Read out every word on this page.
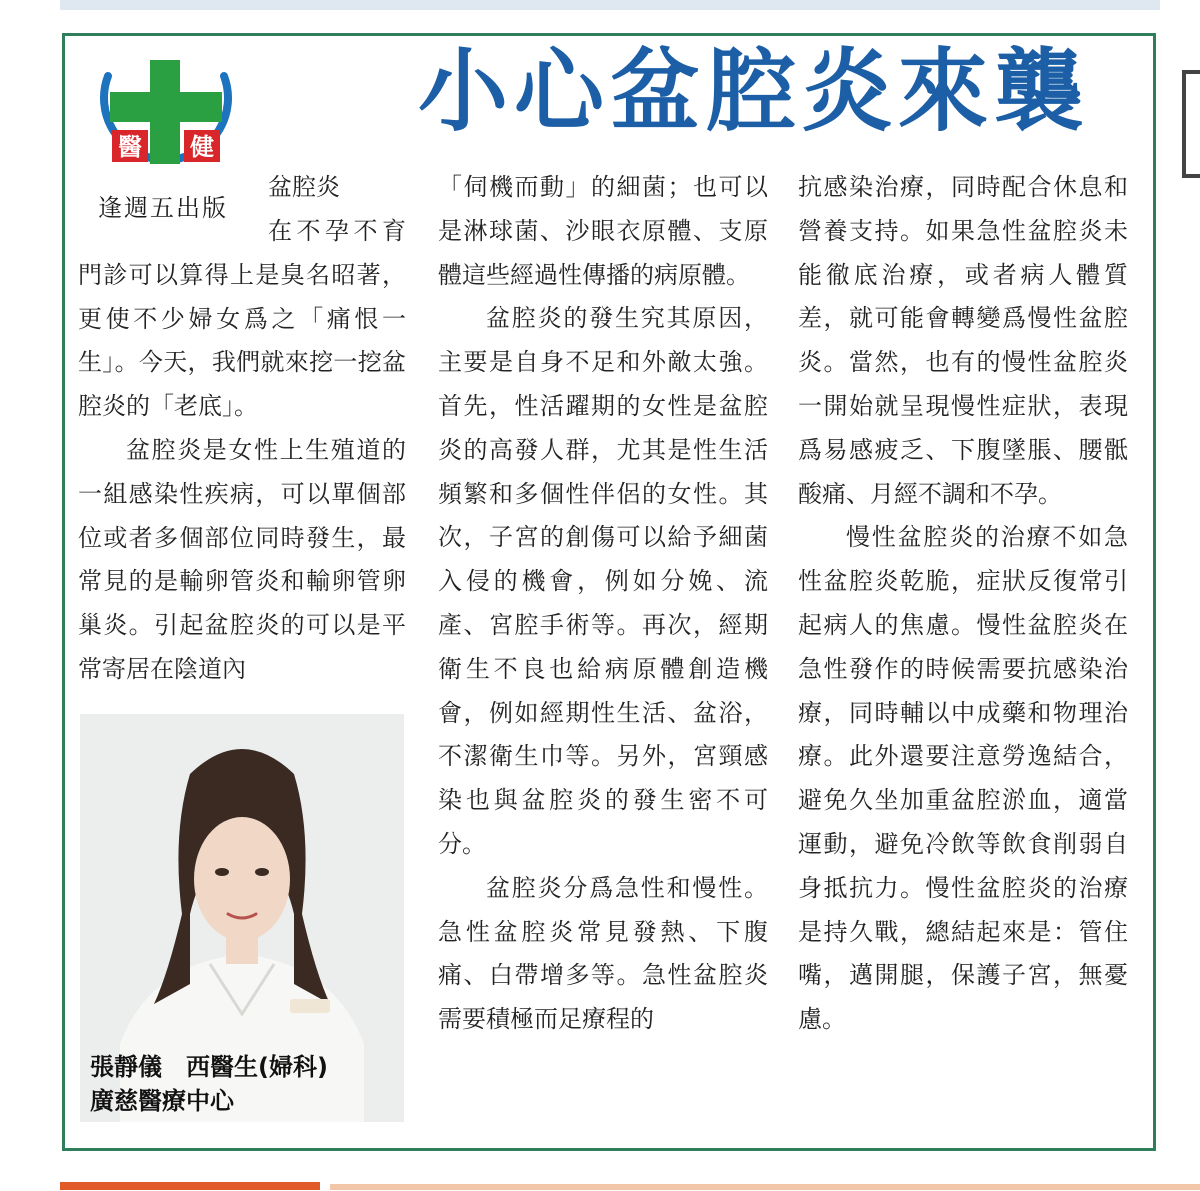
醫 健
逢週五出版
小心盆腔炎來襲

盆腔炎

在不孕不育門診可以算得上是臭名昭著，更使不少婦女爲之「痛恨一生」。今天，我們就來挖一挖盆腔炎的「老底」。

盆腔炎是女性上生殖道的一組感染性疾病，可以單個部位或者多個部位同時發生，最常見的是輸卵管炎和輸卵管卵巢炎。引起盆腔炎的可以是平常寄居在陰道內

「伺機而動」的細菌；也可以是淋球菌、沙眼衣原體、支原體這些經過性傳播的病原體。

盆腔炎的發生究其原因，主要是自身不足和外敵太強。首先，性活躍期的女性是盆腔炎的高發人群，尤其是性生活頻繁和多個性伴侶的女性。其次，子宮的創傷可以給予細菌入侵的機會，例如分娩、流產、宮腔手術等。再次，經期衛生不良也給病原體創造機會，例如經期性生活、盆浴，不潔衛生巾等。另外，宮頸感染也與盆腔炎的發生密不可分。

盆腔炎分爲急性和慢性。急性盆腔炎常見發熱、下腹痛、白帶增多等。急性盆腔炎需要積極而足療程的

抗感染治療，同時配合休息和營養支持。如果急性盆腔炎未能徹底治療，或者病人體質差，就可能會轉變爲慢性盆腔炎。當然，也有的慢性盆腔炎一開始就呈現慢性症狀，表現爲易感疲乏、下腹墜脹、腰骶酸痛、月經不調和不孕。

慢性盆腔炎的治療不如急性盆腔炎乾脆，症狀反復常引起病人的焦慮。慢性盆腔炎在急性發作的時候需要抗感染治療，同時輔以中成藥和物理治療。此外還要注意勞逸結合，避免久坐加重盆腔淤血，適當運動，避免冷飲等飲食削弱自身抵抗力。慢性盆腔炎的治療是持久戰，總結起來是：管住嘴，邁開腿，保護子宮，無憂慮。

張靜儀　西醫生(婦科)
廣慈醫療中心
